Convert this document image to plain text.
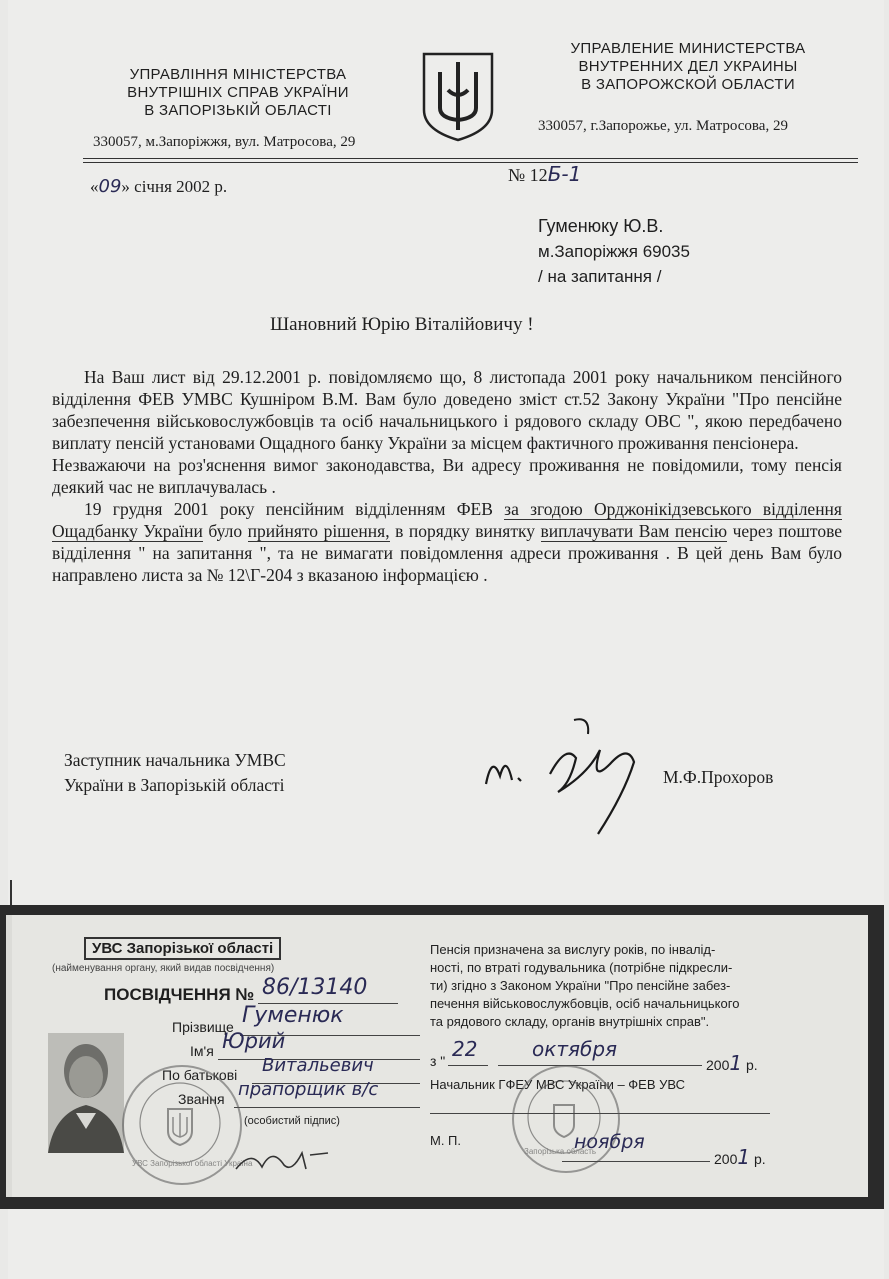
УПРАВЛІННЯ МІНІСТЕРСТВА
ВНУТРІШНІХ СПРАВ УКРАЇНИ
В ЗАПОРІЗЬКІЙ ОБЛАСТІ
330057, м.Запоріжжя, вул. Матросова, 29
УПРАВЛЕНИЕ МИНИСТЕРСТВА
ВНУТРЕННИХ ДЕЛ УКРАИНЫ
В ЗАПОРОЖСКОЙ ОБЛАСТИ
330057, г.Запорожье, ул. Матросова, 29
«09» січня 2002 р.
№ 12Б-1
Гуменюку Ю.В.
м.Запоріжжя 69035
/ на запитання /
Шановний Юрію Віталійовичу !

На Ваш лист від 29.12.2001 р. повідомляємо що, 8 листопада 2001 року начальником пенсійного відділення ФЕВ УМВС Кушніром В.М. Вам було доведено зміст ст.52 Закону України "Про пенсійне забезпечення військовослужбовців та осіб начальницького і рядового складу ОВС ", якою передбачено виплату пенсій установами Ощадного банку України за місцем фактичного проживання пенсіонера.

Незважаючи на роз'яснення вимог законодавства, Ви адресу проживання не повідомили, тому пенсія деякий час не виплачувалась .

19 грудня 2001 року пенсійним відділенням ФЕВ за згодою Орджонікідзевського відділення Ощадбанку України було прийнято рішення, в порядку винятку виплачувати Вам пенсію через поштове відділення " на запитання ", та не вимагати повідомлення адреси проживання . В цей день Вам було направлено листа за № 12\Г-204 з вказаною інформацією .

Заступник начальника УМВС
України в Запорізькій області	М.Ф.Прохоров
УВС Запорізької області
(найменування органу, який видав посвідчення)
ПОСВІДЧЕННЯ № 86/13140
Прізвище Гуменюк
Ім'я Юрий
По батькові Витальевич
Звання прапорщик в/с
(особистий підпис)
УВС Запорізької області Україна
Пенсія призначена за вислугу років, по інвалід-
ності, по втраті годувальника (потрібне підкресли-
ти) згідно з Законом України "Про пенсійне забез-
печення військовослужбовців, осіб начальницького
та рядового складу, органів внутрішніх справ".
з " 22	октября
2001 р.
Начальник ГФЕУ МВС України – ФЕВ УВС
М. П.
Запорізька область
ноября
2001 р.
